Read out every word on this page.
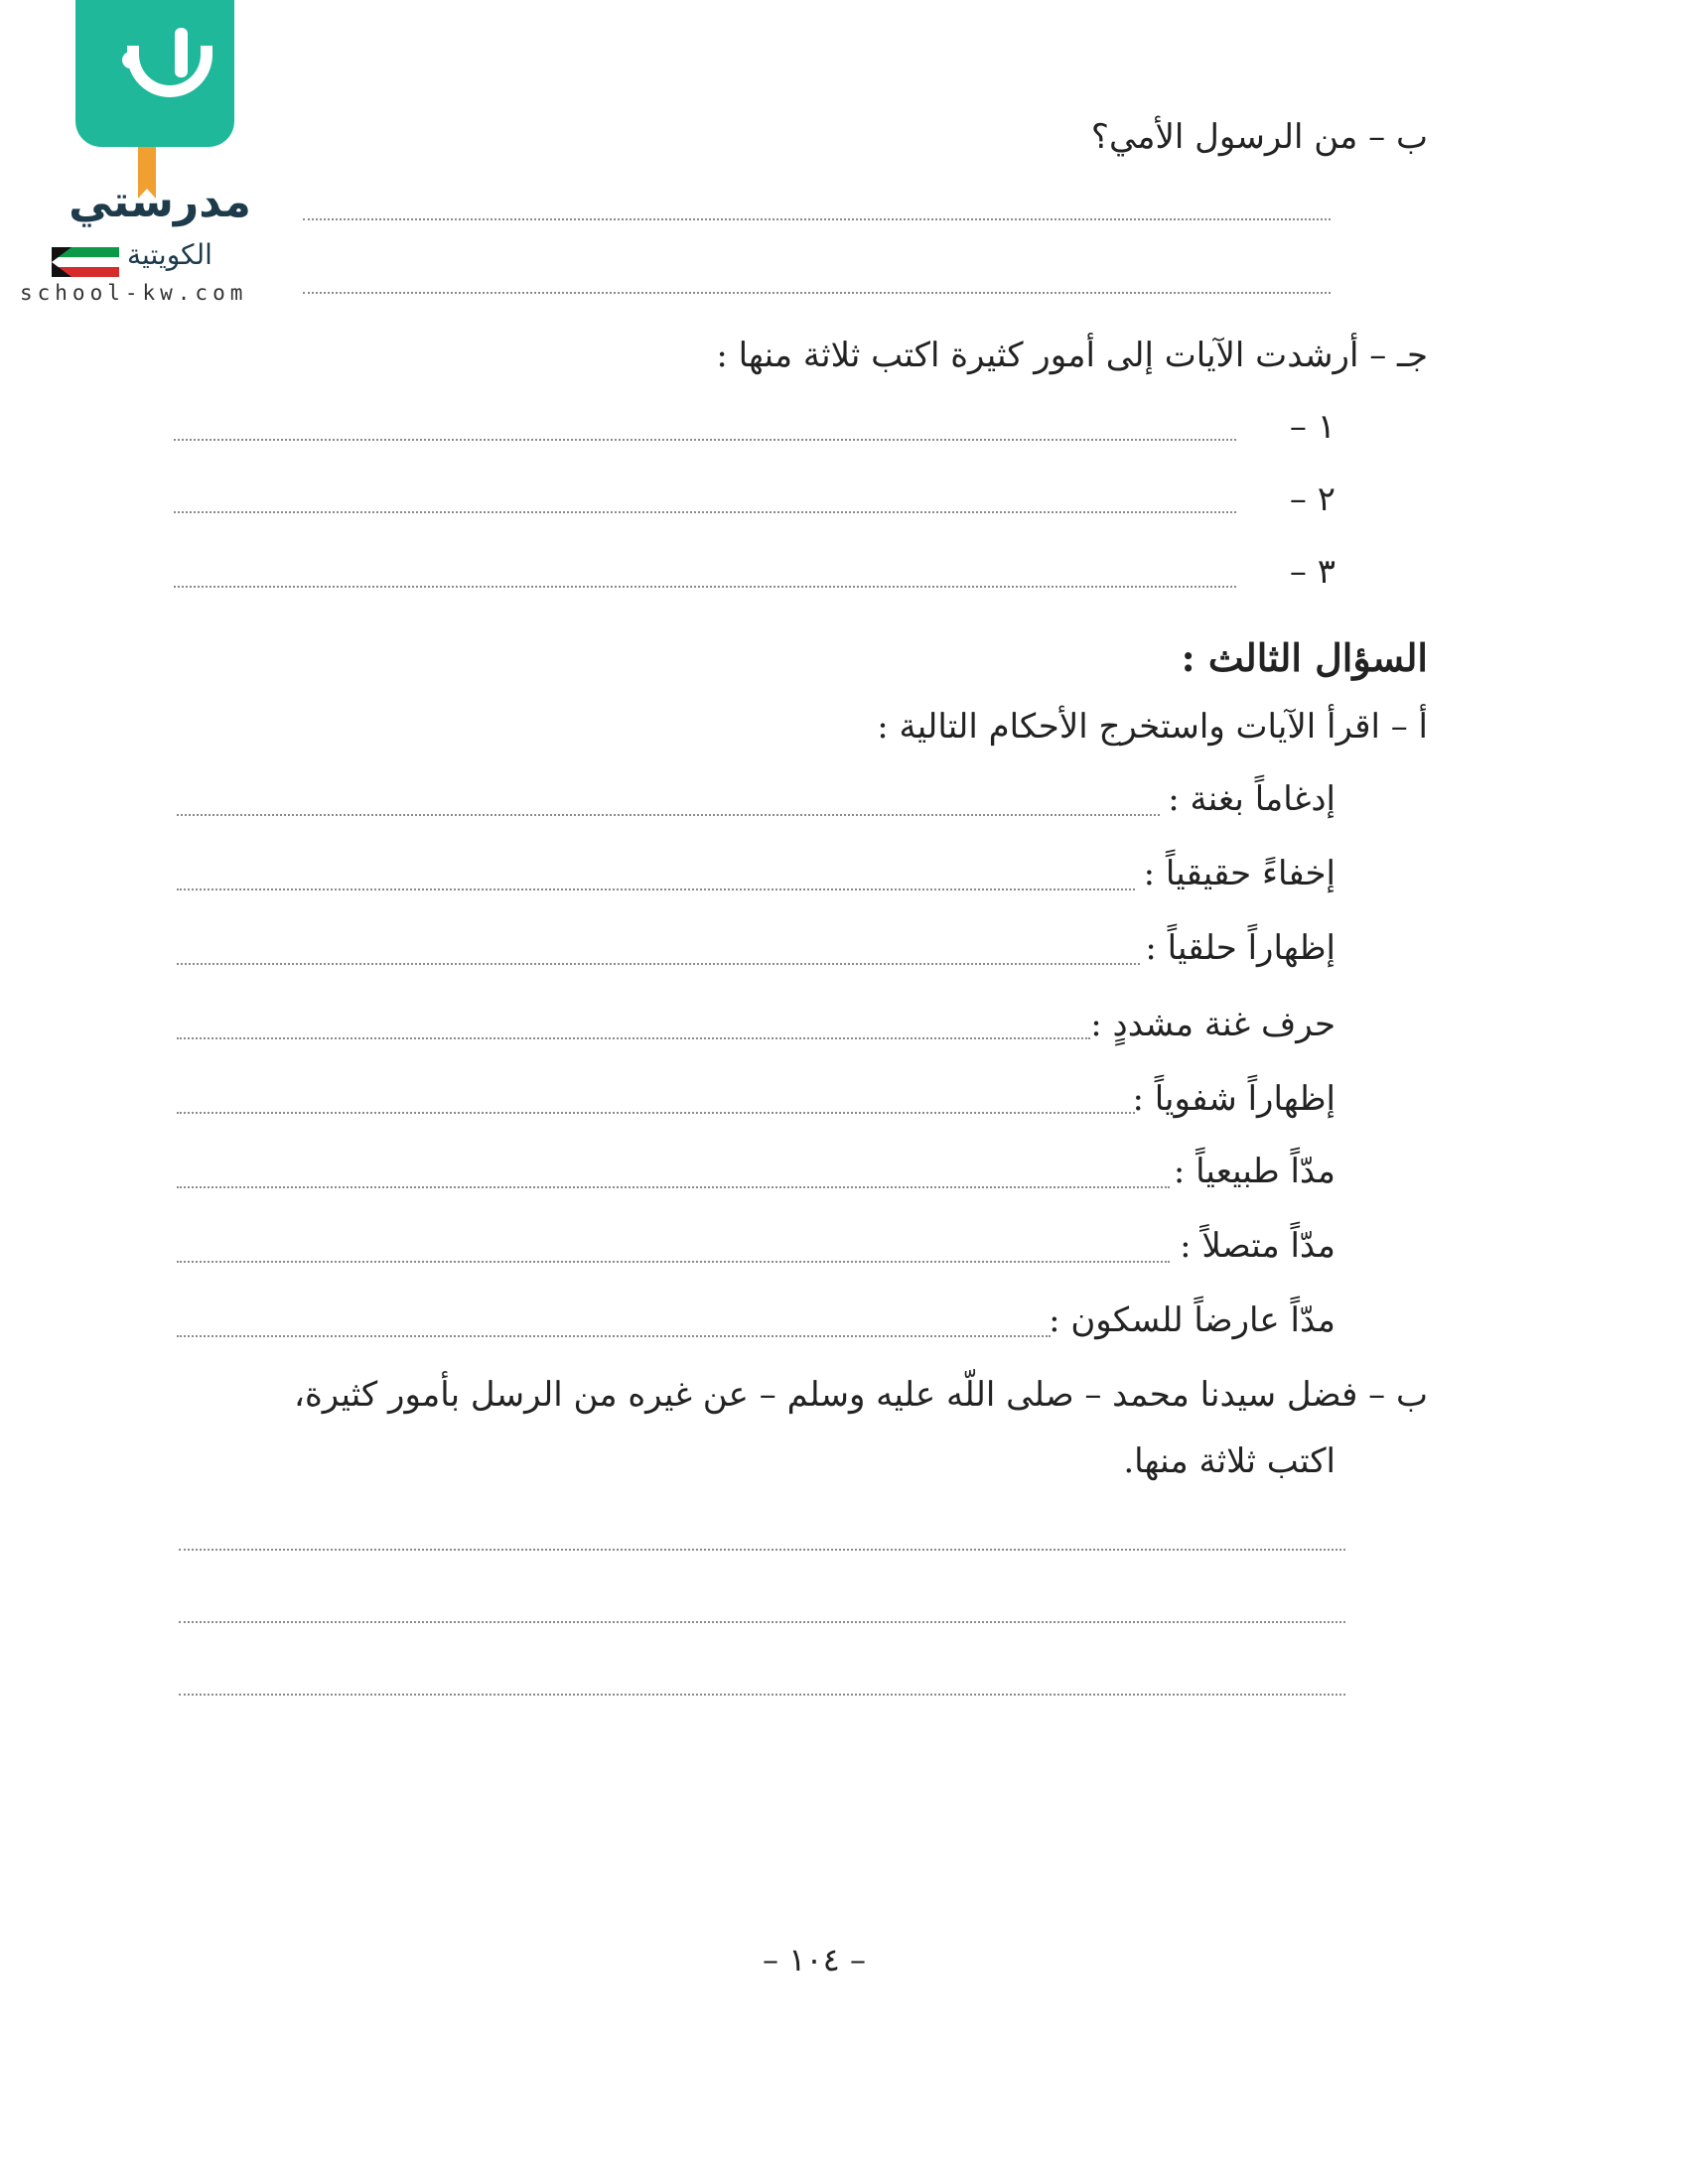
مدرستي
الكويتية
school-kw.com
ب – من الرسول الأمي؟
جـ – أرشدت الآيات إلى أمور كثيرة اكتب ثلاثة منها :
١ –
٢ –
٣ –
السؤال الثالث :
أ – اقرأ الآيات واستخرج الأحكام التالية :
إدغاماً بغنة :
إخفاءً حقيقياً :
إظهاراً حلقياً :
حرف غنة مشددٍ :
إظهاراً شفوياً :
مدّاً طبيعياً :
مدّاً متصلاً :
مدّاً عارضاً للسكون :
ب – فضل سيدنا محمد – صلى اللّه عليه وسلم – عن غيره من الرسل بأمور كثيرة،
اكتب ثلاثة منها.
– ١٠٤ –
